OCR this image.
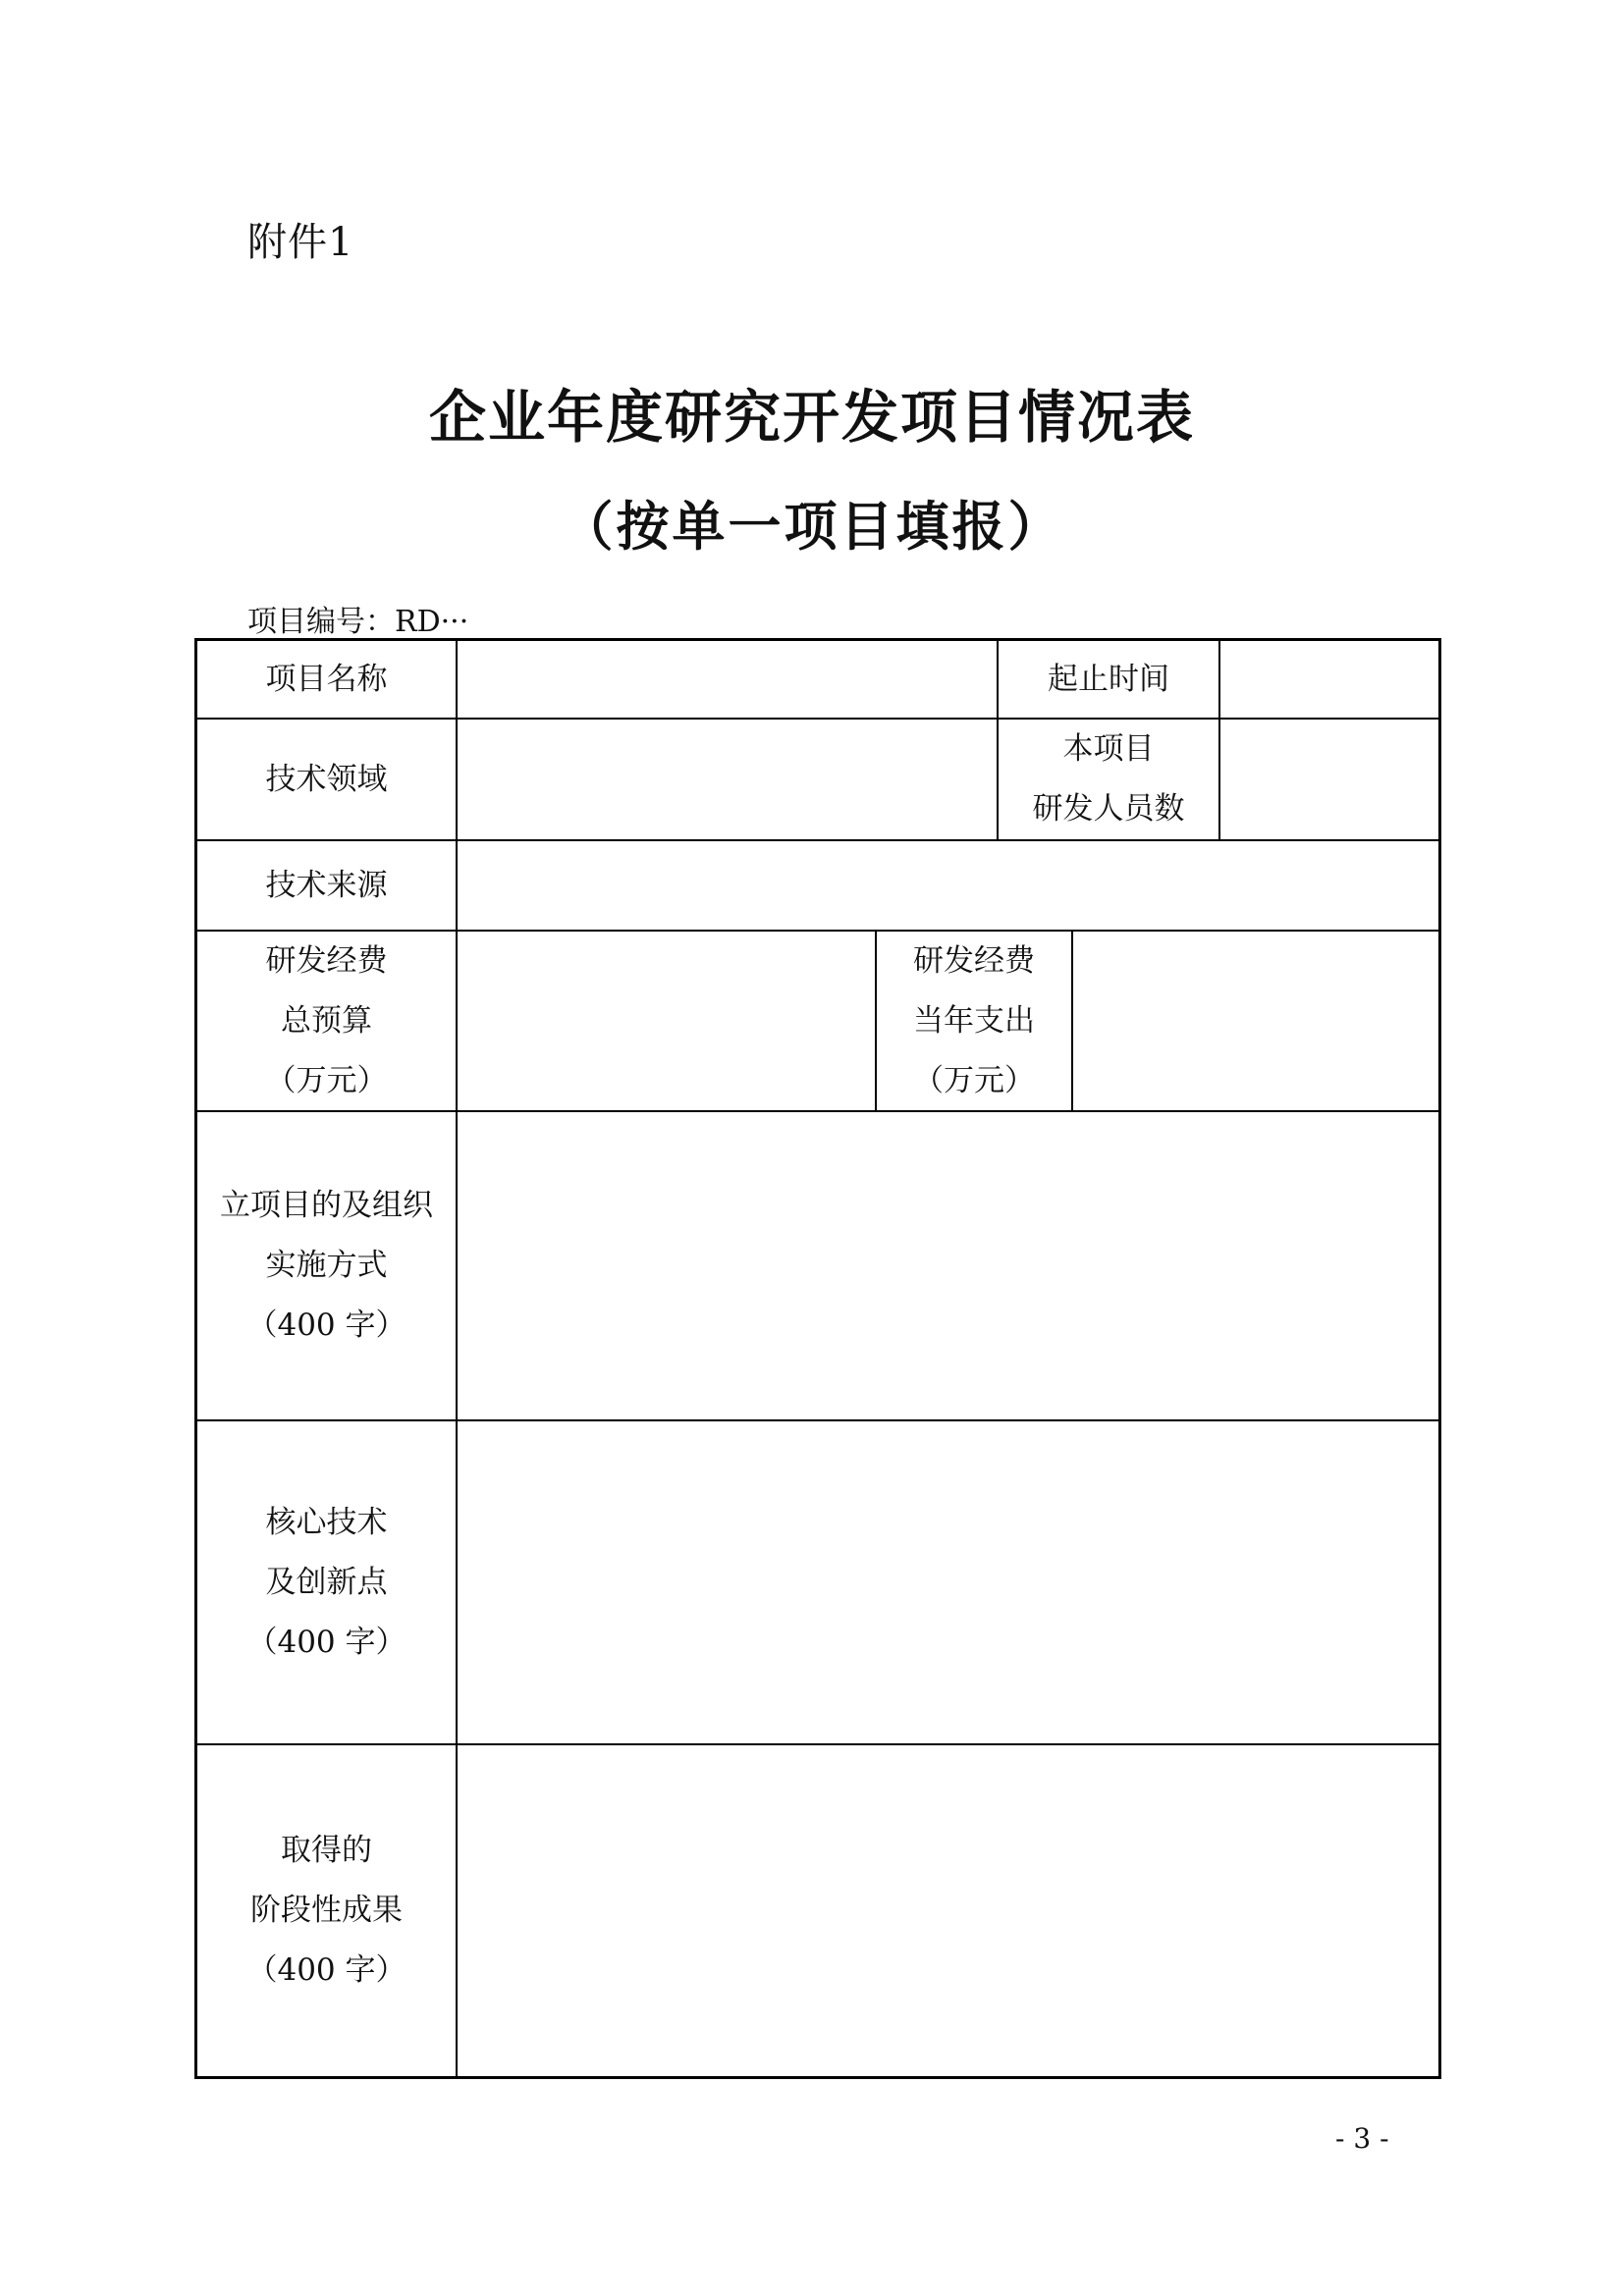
附件1
企业年度研究开发项目情况表
（按单一项目填报）
项目编号：RD···
项目名称	起止时间
技术领域
本项目
研发人员数
技术来源
研发经费
总预算
（万元）
研发经费
当年支出
（万元）
立项目的及组织
实施方式
（400 字）
核心技术
及创新点
（400 字）
取得的
阶段性成果
（400 字）
- 3 -
